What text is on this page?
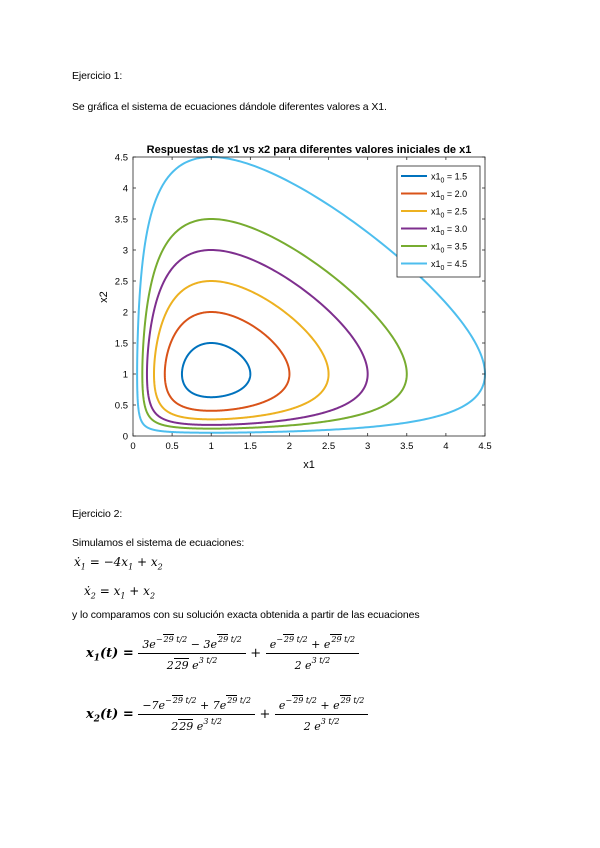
Ejercicio 1:
Se gráfica el sistema de ecuaciones dándole diferentes valores a X1.
Respuestas de x1 vs x2 para diferentes valores iniciales de x1
0	0.5	1	1.5	2	2.5	3	3.5	4	4.5
0
0.5
1
1.5
2
2.5
3
3.5
4
4.5
$x1_0 = 1.5$
$x1_0 = 2.0$
$x1_0 = 2.5$
$x1_0 = 3.0$
$x1_0 = 3.5$
$x1_0 = 4.5$
x1
x2
Ejercicio 2:
Simulamos el sistema de ecuaciones:
$ẋ_1 = -4x_1 + x_2$
$ẋ_2 = x_1 + x_2$
y lo comparamos con su solución exacta obtenida a partir de las ecuaciones
$x_1(t) = \frac{3e^{-29 t/2} - 3e^{29 t/2}}{229 e^{3 t/2}} + \frac{e^{-29 t/2} + e^{29 t/2}}{2 e^{3 t/2}}$
$x_2(t) = \frac{-7e^{-29 t/2} + 7e^{29 t/2}}{229 e^{3 t/2}} + \frac{e^{-29 t/2} + e^{29 t/2}}{2 e^{3 t/2}}$
